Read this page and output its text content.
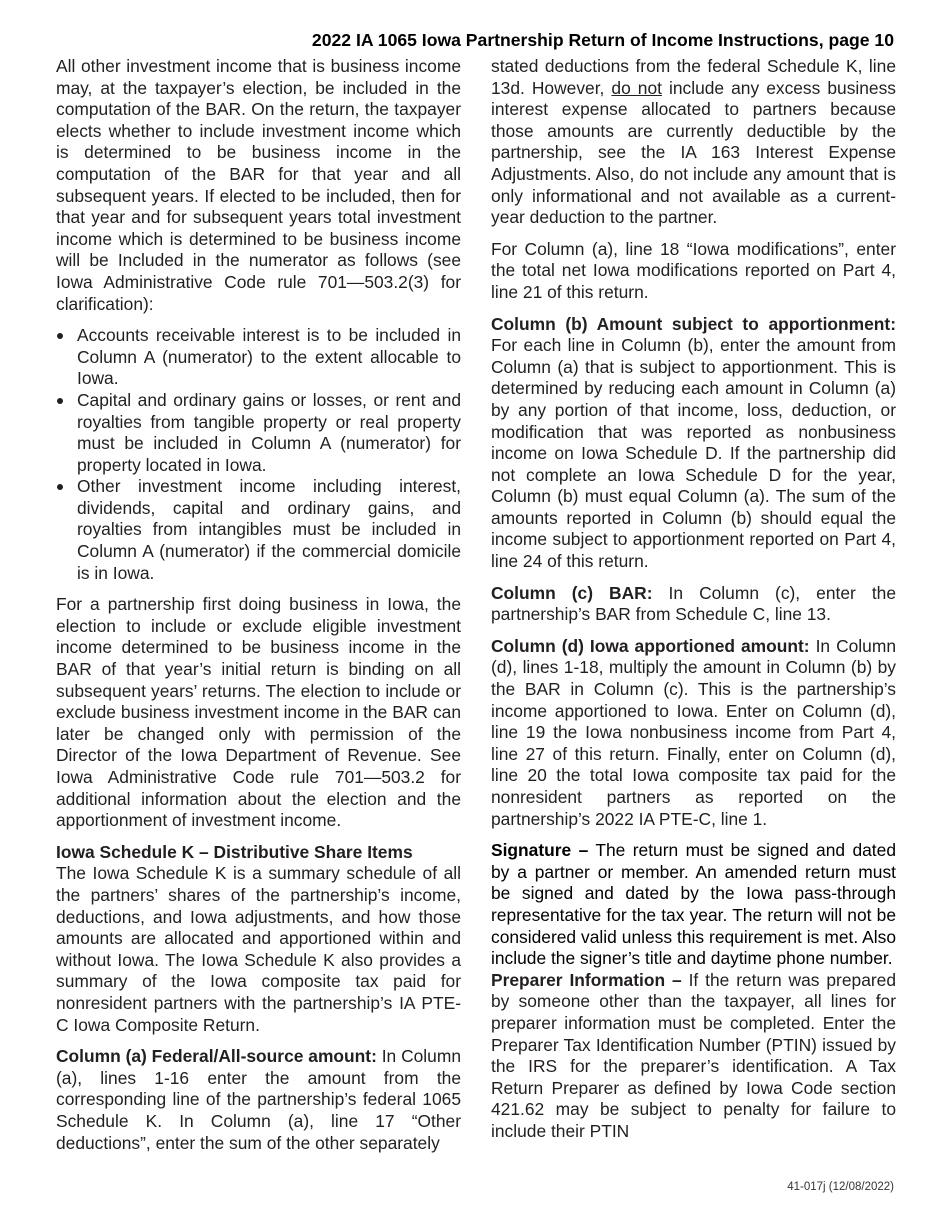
2022 IA 1065 Iowa Partnership Return of Income Instructions, page 10

All other investment income that is business income may, at the taxpayer’s election, be included in the computation of the BAR. On the return, the taxpayer elects whether to include investment income which is determined to be business income in the computation of the BAR for that year and all subsequent years. If elected to be included, then for that year and for subsequent years total investment income which is determined to be business income will be Included in the numerator as follows (see Iowa Administrative Code rule 701—503.2(3) for clarification):

Accounts receivable interest is to be included in Column A (numerator) to the extent allocable to Iowa.
Capital and ordinary gains or losses, or rent and royalties from tangible property or real property must be included in Column A (numerator) for property located in Iowa.
Other investment income including interest, dividends, capital and ordinary gains, and royalties from intangibles must be included in Column A (numerator) if the commercial domicile is in Iowa.

For a partnership first doing business in Iowa, the election to include or exclude eligible investment income determined to be business income in the BAR of that year’s initial return is binding on all subsequent years’ returns. The election to include or exclude business investment income in the BAR can later be changed only with permission of the Director of the Iowa Department of Revenue. See Iowa Administrative Code rule 701—503.2 for additional information about the election and the apportionment of investment income.

Iowa Schedule K – Distributive Share Items

The Iowa Schedule K is a summary schedule of all the partners’ shares of the partnership’s income, deductions, and Iowa adjustments, and how those amounts are allocated and apportioned within and without Iowa. The Iowa Schedule K also provides a summary of the Iowa composite tax paid for nonresident partners with the partnership’s IA PTE-C Iowa Composite Return.

Column (a) Federal/All-source amount: In Column (a), lines 1-16 enter the amount from the corresponding line of the partnership’s federal 1065 Schedule K. In Column (a), line 17 “Other deductions”, enter the sum of the other separately

stated deductions from the federal Schedule K, line 13d. However, do not include any excess business interest expense allocated to partners because those amounts are currently deductible by the partnership, see the IA 163 Interest Expense Adjustments. Also, do not include any amount that is only informational and not available as a current-year deduction to the partner.

For Column (a), line 18 “Iowa modifications”, enter the total net Iowa modifications reported on Part 4, line 21 of this return.

Column (b) Amount subject to apportionment: For each line in Column (b), enter the amount from Column (a) that is subject to apportionment. This is determined by reducing each amount in Column (a) by any portion of that income, loss, deduction, or modification that was reported as nonbusiness income on Iowa Schedule D. If the partnership did not complete an Iowa Schedule D for the year, Column (b) must equal Column (a). The sum of the amounts reported in Column (b) should equal the income subject to apportionment reported on Part 4, line 24 of this return.

Column (c) BAR: In Column (c), enter the partnership’s BAR from Schedule C, line 13.

Column (d) Iowa apportioned amount: In Column (d), lines 1-18, multiply the amount in Column (b) by the BAR in Column (c). This is the partnership’s income apportioned to Iowa. Enter on Column (d), line 19 the Iowa nonbusiness income from Part 4, line 27 of this return. Finally, enter on Column (d), line 20 the total Iowa composite tax paid for the nonresident partners as reported on the partnership’s 2022 IA PTE-C, line 1.

Signature – The return must be signed and dated by a partner or member. An amended return must be signed and dated by the Iowa pass-through representative for the tax year. The return will not be considered valid unless this requirement is met. Also include the signer’s title and daytime phone number.

Preparer Information – If the return was prepared by someone other than the taxpayer, all lines for preparer information must be completed. Enter the Preparer Tax Identification Number (PTIN) issued by the IRS for the preparer’s identification. A Tax Return Preparer as defined by Iowa Code section 421.62 may be subject to penalty for failure to include their PTIN

41-017j (12/08/2022)
